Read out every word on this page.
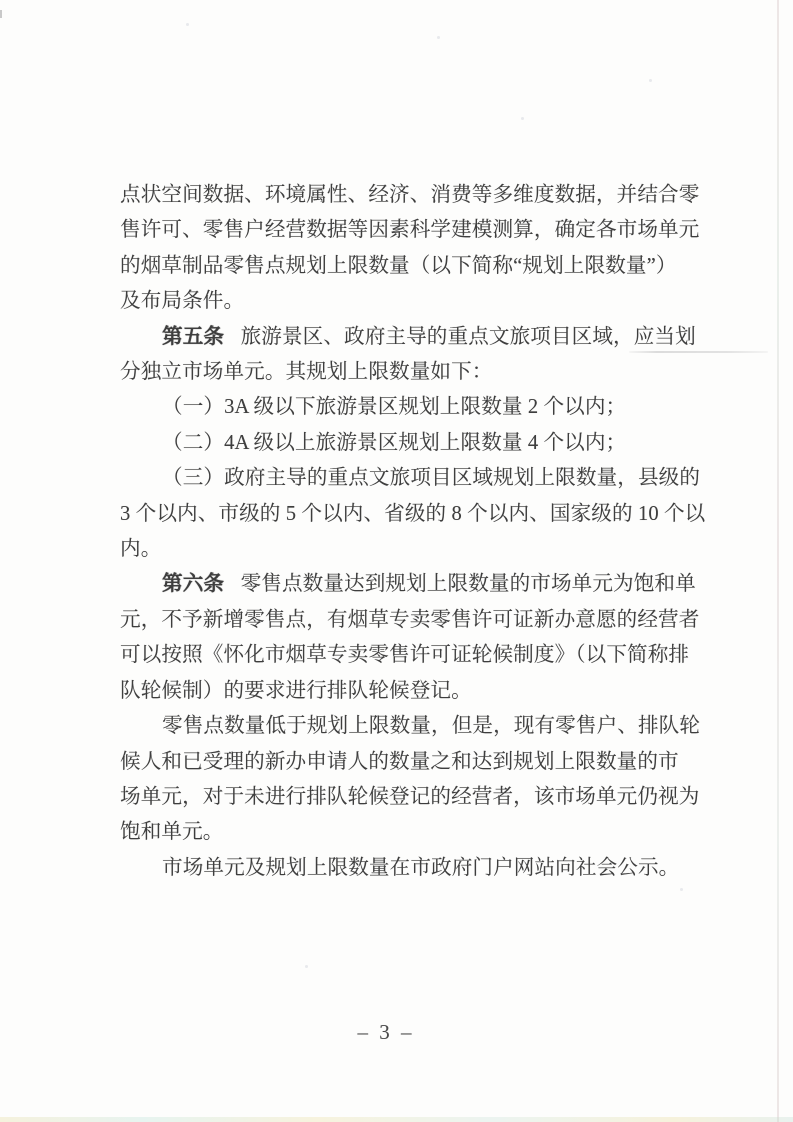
点状空间数据、环境属性、经济、消费等多维度数据，并结合零
售许可、零售户经营数据等因素科学建模测算，确定各市场单元
的烟草制品零售点规划上限数量（以下简称“规划上限数量”）
及布局条件。
第五条 旅游景区、政府主导的重点文旅项目区域，应当划
分独立市场单元。其规划上限数量如下：
（一）3A 级以下旅游景区规划上限数量 2 个以内；
（二）4A 级以上旅游景区规划上限数量 4 个以内；
（三）政府主导的重点文旅项目区域规划上限数量，县级的
3 个以内、市级的 5 个以内、省级的 8 个以内、国家级的 10 个以
内。
第六条 零售点数量达到规划上限数量的市场单元为饱和单
元，不予新增零售点，有烟草专卖零售许可证新办意愿的经营者
可以按照《怀化市烟草专卖零售许可证轮候制度》（以下简称排
队轮候制）的要求进行排队轮候登记。
零售点数量低于规划上限数量，但是，现有零售户、排队轮
候人和已受理的新办申请人的数量之和达到规划上限数量的市
场单元，对于未进行排队轮候登记的经营者，该市场单元仍视为
饱和单元。
市场单元及规划上限数量在市政府门户网站向社会公示。
– 3 –
